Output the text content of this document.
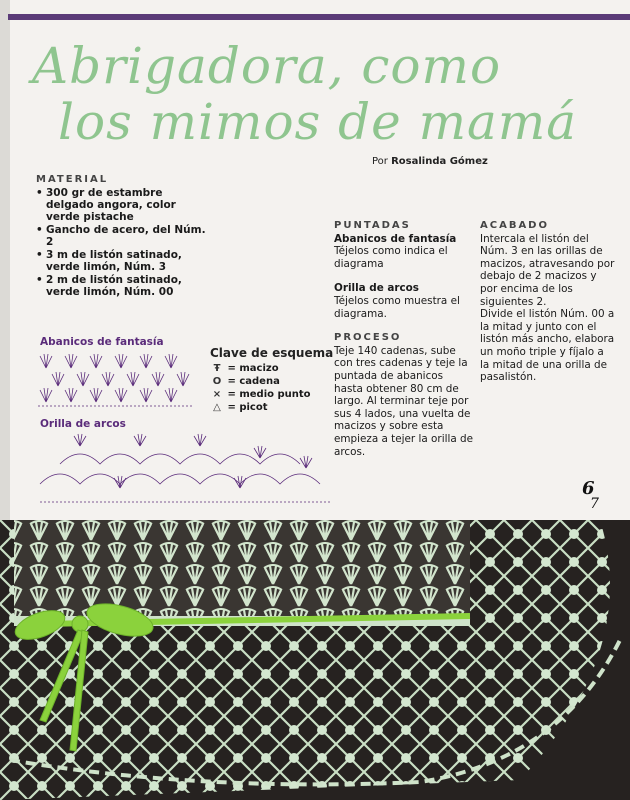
Abrigadora, como
los mimos de mamá
Por Rosalinda Gómez
MATERIAL
• 300 gr de estambre delgado angora, color verde pistache
• Gancho de acero, del Núm. 2
• 3 m de listón satinado, verde limón, Núm. 3
• 2 m de listón satinado, verde limón, Núm. 00
PUNTADAS

Abanicos de fantasía

Téjelos como indica el diagrama

Orilla de arcos

Téjelos como muestra el diagrama.

PROCESO

Teje 140 cadenas, sube con tres cadenas y teje la puntada de abanicos hasta obtener 80 cm de largo. Al terminar teje por sus 4 lados, una vuelta de macizos y sobre esta empieza a tejer la orilla de arcos.

ACABADO

Intercala el listón del Núm. 3 en las orillas de macizos, atravesando por debajo de 2 macizos y por encima de los siguientes 2.

Divide el listón Núm. 00 a la mitad y junto con el listón más ancho, elabora un moño triple y fíjalo a la mitad de una orilla de pasalistón.

Abanicos de fantasía
Orilla de arcos
Clave de esquema
Ŧ = macizo
O = cadena
× = medio punto
△ = picot
6
7
